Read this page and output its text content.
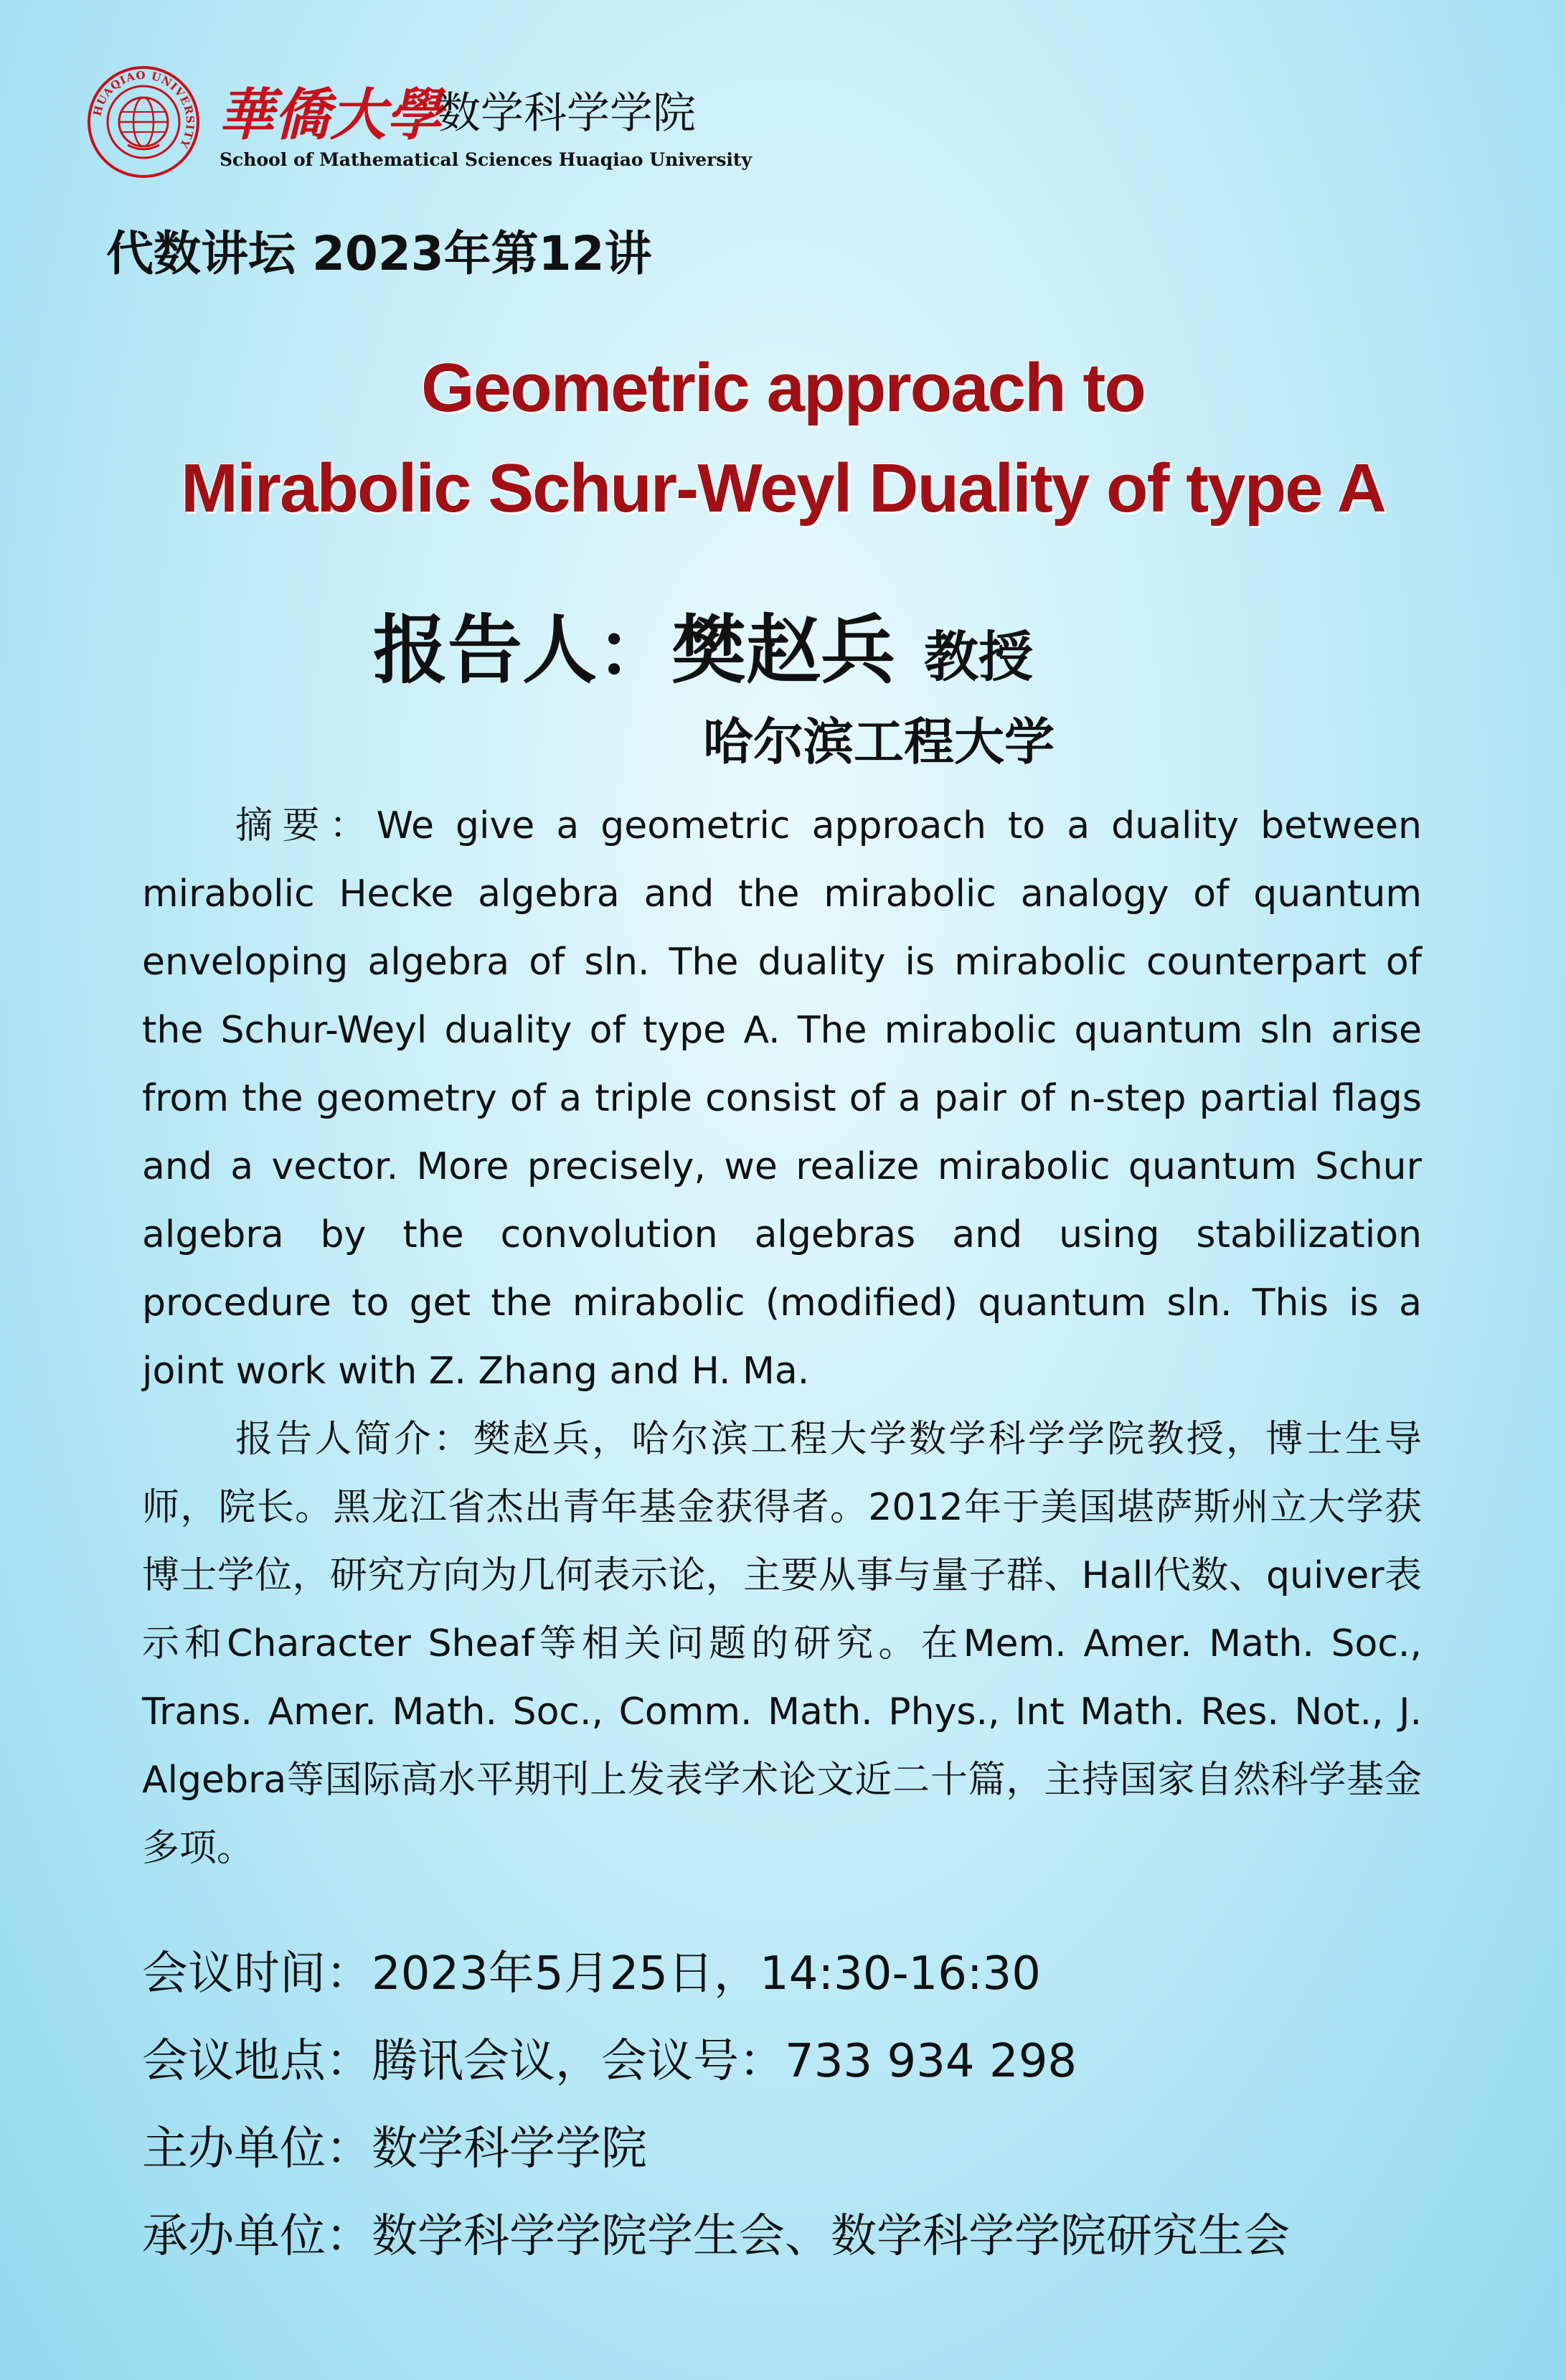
HUAQIAO UNIVERSITY 華僑大學
数学科学学院
School of Mathematical Sciences Huaqiao University
代数讲坛 2023年第12讲
Geometric approach to
Mirabolic Schur-Weyl Duality of type A
报告人：樊赵兵 教授
哈尔滨工程大学

摘要：We give a geometric approach to a duality between mirabolic Hecke algebra and the mirabolic analogy of quantum enveloping algebra of sln. The duality is mirabolic counterpart of the Schur-Weyl duality of type A. The mirabolic quantum sln arise from the geometry of a triple consist of a pair of n-step partial flags and a vector. More precisely, we realize mirabolic quantum Schur algebra by the convolution algebras and using stabilization procedure to get the mirabolic (modified) quantum sln. This is a joint work with Z. Zhang and H. Ma.

报告人简介：樊赵兵，哈尔滨工程大学数学科学学院教授，博士生导师，院长。黑龙江省杰出青年基金获得者。2012年于美国堪萨斯州立大学获博士学位，研究方向为几何表示论，主要从事与量子群、Hall代数、quiver表示和Character Sheaf等相关问题的研究。在Mem. Amer. Math. Soc., Trans. Amer. Math. Soc., Comm. Math. Phys., Int Math. Res. Not., J. Algebra等国际高水平期刊上发表学术论文近二十篇，主持国家自然科学基金多项。

会议时间：2023年5月25日，14:30-16:30
会议地点：腾讯会议，会议号：733 934 298
主办单位：数学科学学院
承办单位：数学科学学院学生会、数学科学学院研究生会
